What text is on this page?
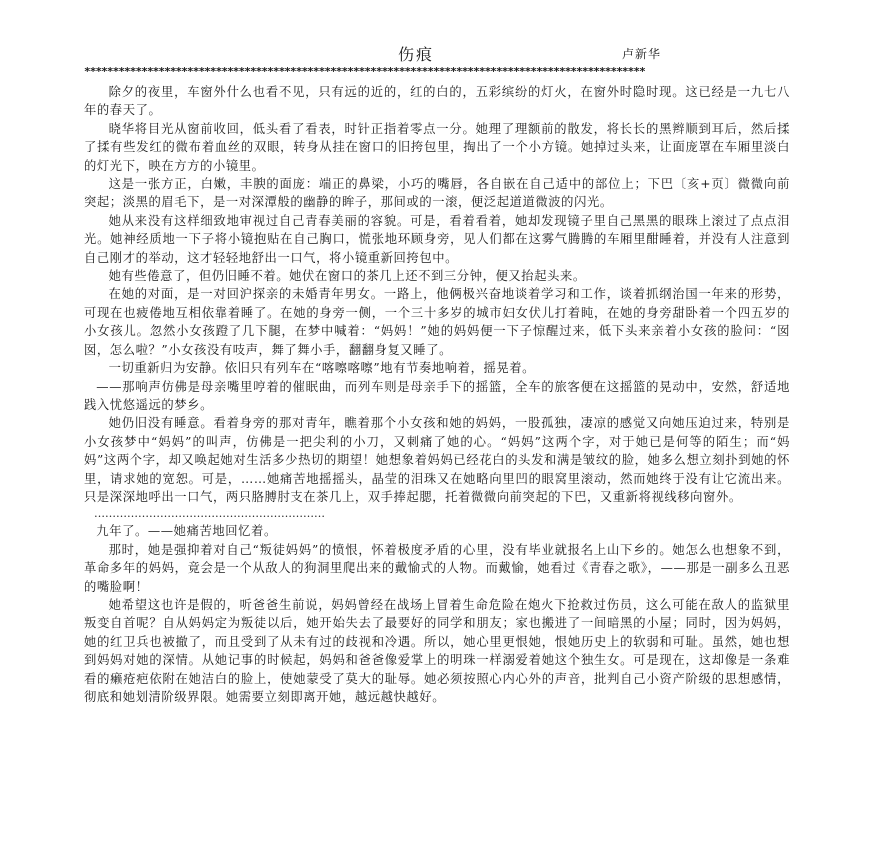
伤痕	卢新华
**************************************************************************************************

除夕的夜里，车窗外什么也看不见，只有远的近的，红的白的，五彩缤纷的灯火，在窗外时隐时现。这已经是一九七八年的春天了。

晓华将目光从窗前收回，低头看了看表，时针正指着零点一分。她理了理额前的散发，将长长的黑辫顺到耳后，然后揉了揉有些发红的微布着血丝的双眼，转身从挂在窗口的旧挎包里，掏出了一个小方镜。她掉过头来，让面庞罩在车厢里淡白的灯光下，映在方方的小镜里。

这是一张方正，白嫩，丰腴的面庞：端正的鼻梁，小巧的嘴唇，各自嵌在自己适中的部位上；下巴〔亥+页〕微微向前突起；淡黑的眉毛下，是一对深潭般的幽静的眸子，那间或的一滚，便泛起道道微波的闪光。

她从来没有这样细致地审视过自己青春美丽的容貌。可是，看着看着，她却发现镜子里自己黑黑的眼珠上滚过了点点泪光。她神经质地一下子将小镜抱贴在自己胸口，慌张地环顾身旁，见人们都在这雾气腾腾的车厢里酣睡着，并没有人注意到自己刚才的举动，这才轻轻地舒出一口气，将小镜重新回挎包中。

她有些倦意了，但仍旧睡不着。她伏在窗口的茶几上还不到三分钟，便又抬起头来。

在她的对面，是一对回沪探亲的未婚青年男女。一路上，他俩极兴奋地谈着学习和工作，谈着抓纲治国一年来的形势，可现在也疲倦地互相依靠着睡了。在她的身旁一侧，一个三十多岁的城市妇女伏儿打着盹，在她的身旁甜卧着一个四五岁的小女孩儿。忽然小女孩蹬了几下腿，在梦中喊着：“妈妈！”她的妈妈便一下子惊醒过来，低下头来亲着小女孩的脸问：“囡囡，怎么啦？”小女孩没有吱声，舞了舞小手，翻翻身复又睡了。

一切重新归为安静。依旧只有列车在“喀嚓喀嚓”地有节奏地响着，摇晃着。

——那响声仿佛是母亲嘴里哼着的催眠曲，而列车则是母亲手下的摇篮，全车的旅客便在这摇篮的晃动中，安然，舒适地践入忧悠遥远的梦乡。

她仍旧没有睡意。看着身旁的那对青年，瞧着那个小女孩和她的妈妈，一股孤独，凄凉的感觉又向她压迫过来，特别是小女孩梦中“妈妈”的叫声，仿佛是一把尖利的小刀，又刺痛了她的心。“妈妈”这两个字，对于她已是何等的陌生；而“妈妈”这两个字，却又唤起她对生活多少热切的期望！她想象着妈妈已经花白的头发和满是皱纹的脸，她多么想立刻扑到她的怀里，请求她的宽恕。可是，……她痛苦地摇摇头，晶莹的泪珠又在她略向里凹的眼窝里滚动，然而她终于没有让它流出来。只是深深地呼出一口气，两只胳膊肘支在茶几上，双手捧起腮，托着微微向前突起的下巴，又重新将视线移向窗外。

………………………………………………………

九年了。——她痛苦地回忆着。

那时，她是强抑着对自己“叛徒妈妈”的愤恨，怀着极度矛盾的心里，没有毕业就报名上山下乡的。她怎么也想象不到，革命多年的妈妈，竟会是一个从敌人的狗洞里爬出来的戴愉式的人物。而戴愉，她看过《青春之歌》，——那是一副多么丑恶的嘴脸啊！

她希望这也许是假的，听爸爸生前说，妈妈曾经在战场上冒着生命危险在炮火下抢救过伤员，这么可能在敌人的监狱里叛变自首呢？自从妈妈定为叛徒以后，她开始失去了最要好的同学和朋友；家也搬进了一间暗黑的小屋；同时，因为妈妈，她的红卫兵也被撤了，而且受到了从未有过的歧视和冷遇。所以，她心里更恨她，恨她历史上的软弱和可耻。虽然，她也想到妈妈对她的深情。从她记事的时候起，妈妈和爸爸像爱掌上的明珠一样溺爱着她这个独生女。可是现在，这却像是一条难看的癞疮疤依附在她洁白的脸上，使她蒙受了莫大的耻辱。她必须按照心内心外的声音，批判自己小资产阶级的思想感情，彻底和她划清阶级界限。她需要立刻即离开她，越远越快越好。
